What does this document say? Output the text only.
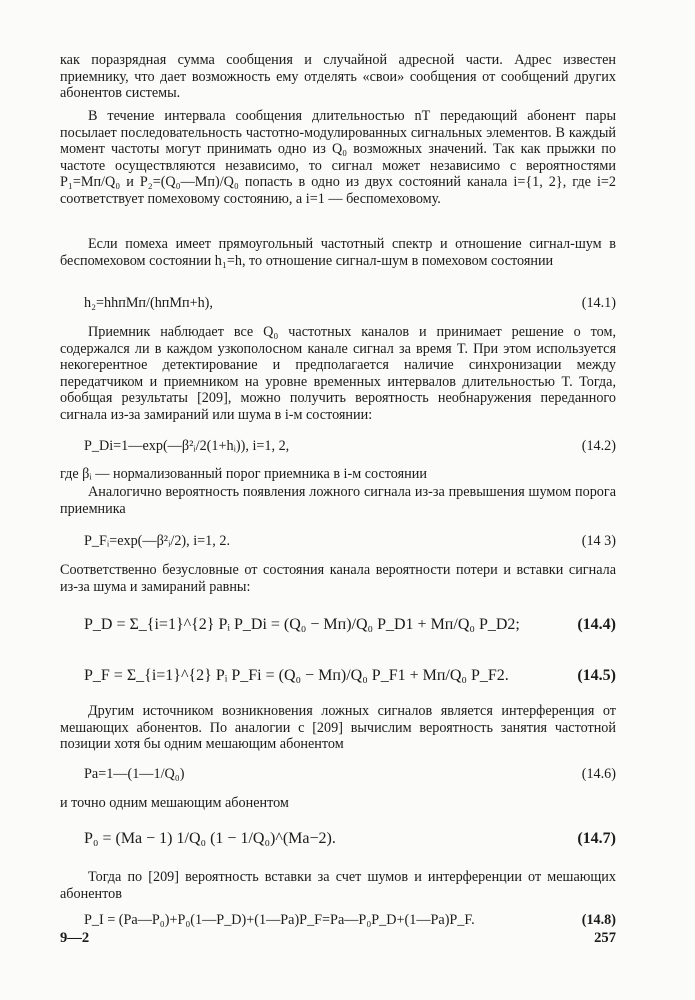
как поразрядная сумма сообщения и случайной адресной части. Адрес известен приемнику, что дает возможность ему отделять «свои» сообщения от сообщений других абонентов системы.

В течение интервала сообщения длительностью nT передающий абонент пары посылает последовательность частотно-модулированных сигнальных элементов. В каждый момент частоты могут принимать одно из Q₀ возможных значений. Так как прыжки по частоте осуществляются независимо, то сигнал может независимо с вероятностями P₁=Mп/Q₀ и P₂=(Q₀—Mп)/Q₀ попасть в одно из двух состояний канала i={1, 2}, где i=2 соответствует помеховому состоянию, а i=1 — беспомеховому.

Если помеха имеет прямоугольный частотный спектр и отношение сигнал-шум в беспомеховом состоянии h₁=h, то отношение сигнал-шум в помеховом состоянии

h₂=hhпMп/(hпMп+h),	(14.1)

Приемник наблюдает все Q₀ частотных каналов и принимает решение о том, содержался ли в каждом узкополосном канале сигнал за время T. При этом используется некогерентное детектирование и предполагается наличие синхронизации между передатчиком и приемником на уровне временных интервалов длительностью T. Тогда, обобщая результаты [209], можно получить вероятность необнаружения переданного сигнала из-за замираний или шума в i-м состоянии:

P_Di=1—exp(—β²ᵢ/2(1+hᵢ)), i=1, 2,	(14.2)

где βᵢ — нормализованный порог приемника в i-м состоянии

Аналогично вероятность появления ложного сигнала из-за превышения шумом порога приемника

P_Fᵢ=exp(—β²ᵢ/2), i=1, 2.	(14 3)

Соответственно безусловные от состояния канала вероятности потери и вставки сигнала из-за шума и замираний равны:

P_D = Σ_{i=1}^{2} Pᵢ P_Di = (Q₀ − Mп)/Q₀ P_D1 + Mп/Q₀ P_D2;	(14.4)
P_F = Σ_{i=1}^{2} Pᵢ P_Fi = (Q₀ − Mп)/Q₀ P_F1 + Mп/Q₀ P_F2.	(14.5)

Другим источником возникновения ложных сигналов является интерференция от мешающих абонентов. По аналогии с [209] вычислим вероятность занятия частотной позиции хотя бы одним мешающим абонентом

Pa=1—(1—1/Q₀)	(14.6)

и точно одним мешающим абонентом

P₀ = (Mа − 1) 1/Q₀ (1 − 1/Q₀)^(Mа−2).	(14.7)

Тогда по [209] вероятность вставки за счет шумов и интерференции от мешающих абонентов

P_I = (Pa—P₀)+P₀(1—P_D)+(1—Pa)P_F=Pa—P₀P_D+(1—Pa)P_F.	(14.8)
9—2	257
